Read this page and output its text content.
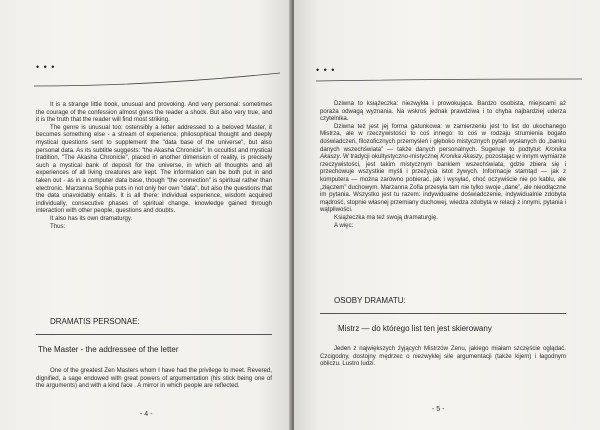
• • •

It is a strange little book, unusual and provoking. And very personal: sometimes the courage of the confession almost gives the reader a shock. But also very true, and it is the truth that the reader will find most striking.

The genre is unusual too: ostensibly a letter addressed to a beloved Master, it becomes something else - a stream of experience, philosophical thought and deeply mystical questions sent to supplement the "data base of the universe", but also personal data. As its subtitle suggests: "the Akasha Chronicle". In occultist and mystical tradition, "The Akasha Chronicle", placed in another dimension of reality, is precisely such a mystical bank of deposit for the universe, in which all thoughts and all experiences of all living creatures are kept. The information can be both put in and taken out - as in a computer data base, though "the connection" is spiritual rather than electronic. Marzanna Sophia puts in not only her own "data", but also the questions that the data unavoidably entails. It is all there: individual experience, wisdom acquired individually, consecutive phases of spiritual change, knowledge gained through interaction with other people, questions and doubts.

It also has its own dramaturgy.

Thus:

DRAMATIS PERSONAE:
The Master - the addressee of the letter

One of the greatest Zen Masters whom I have had the privilege to meet. Revered, dignified, a sage endowed with great powers of argumentation (his stick being one of the arguments) and with a kind face . A mirror in which people are reflected.

- 4 -
• • •

Dziwna to książeczka: niezwykła i prowokująca. Bardzo osobista, miejscami aż poraża odwagą wyznania. Na wskroś jednak prawdziwa i to chyba najbardziej uderza czytelnika.

Dziwna też jest jej forma gatunkowa: w zamierzeniu jest to list do ukochanego Mistrza, ale w rzeczywistości to coś innego: to coś w rodzaju strumienia bogato doświadczeń, filozoficznych przemyśleń i głęboko mistycznych pytań wysłanych do „banku danych wszechświata” — także danych personalnych. Sugeruje to podtytuł: Kronika Akaszy. W tradycji okultystyczno-mistycznej Kronika Akaszy, pozostając w innym wymiarze rzeczywistości, jest takim mistycznym bankiem wszechświata, gdzie zbiera się i przechowuje wszystkie myśli i przeżycia istot żywych. Informacje stamtąd — jak z komputera — można zarówno pobierać, jak i wysyłać, choć oczywiście nie po kablu, ale „złączem” duchowym. Marzanna Zofia przesyła tam nie tylko swoje „dane”, ale nieodłączne im pytania. Wszystko jest tu razem: indywidualne doświadczenie, indywidualnie zdobyta mądrość, stopnie własnej przemiany duchowej, wiedza zdobyta w relacji z innymi, pytania i wątpliwości.

Książeczka ma też swoją dramaturgię.

A więc:

OSOBY DRAMATU:
Mistrz — do którego list ten jest skierowany

Jeden z największych żyjących Mistrzów Zenu, jakiego miałam szczęście oglądać. Czcigodny, dostojny mędrzec o niezwykłej sile argumentacji (także kijem) i łagodnym obliczu. Lustro ludzi.

- 5 -
